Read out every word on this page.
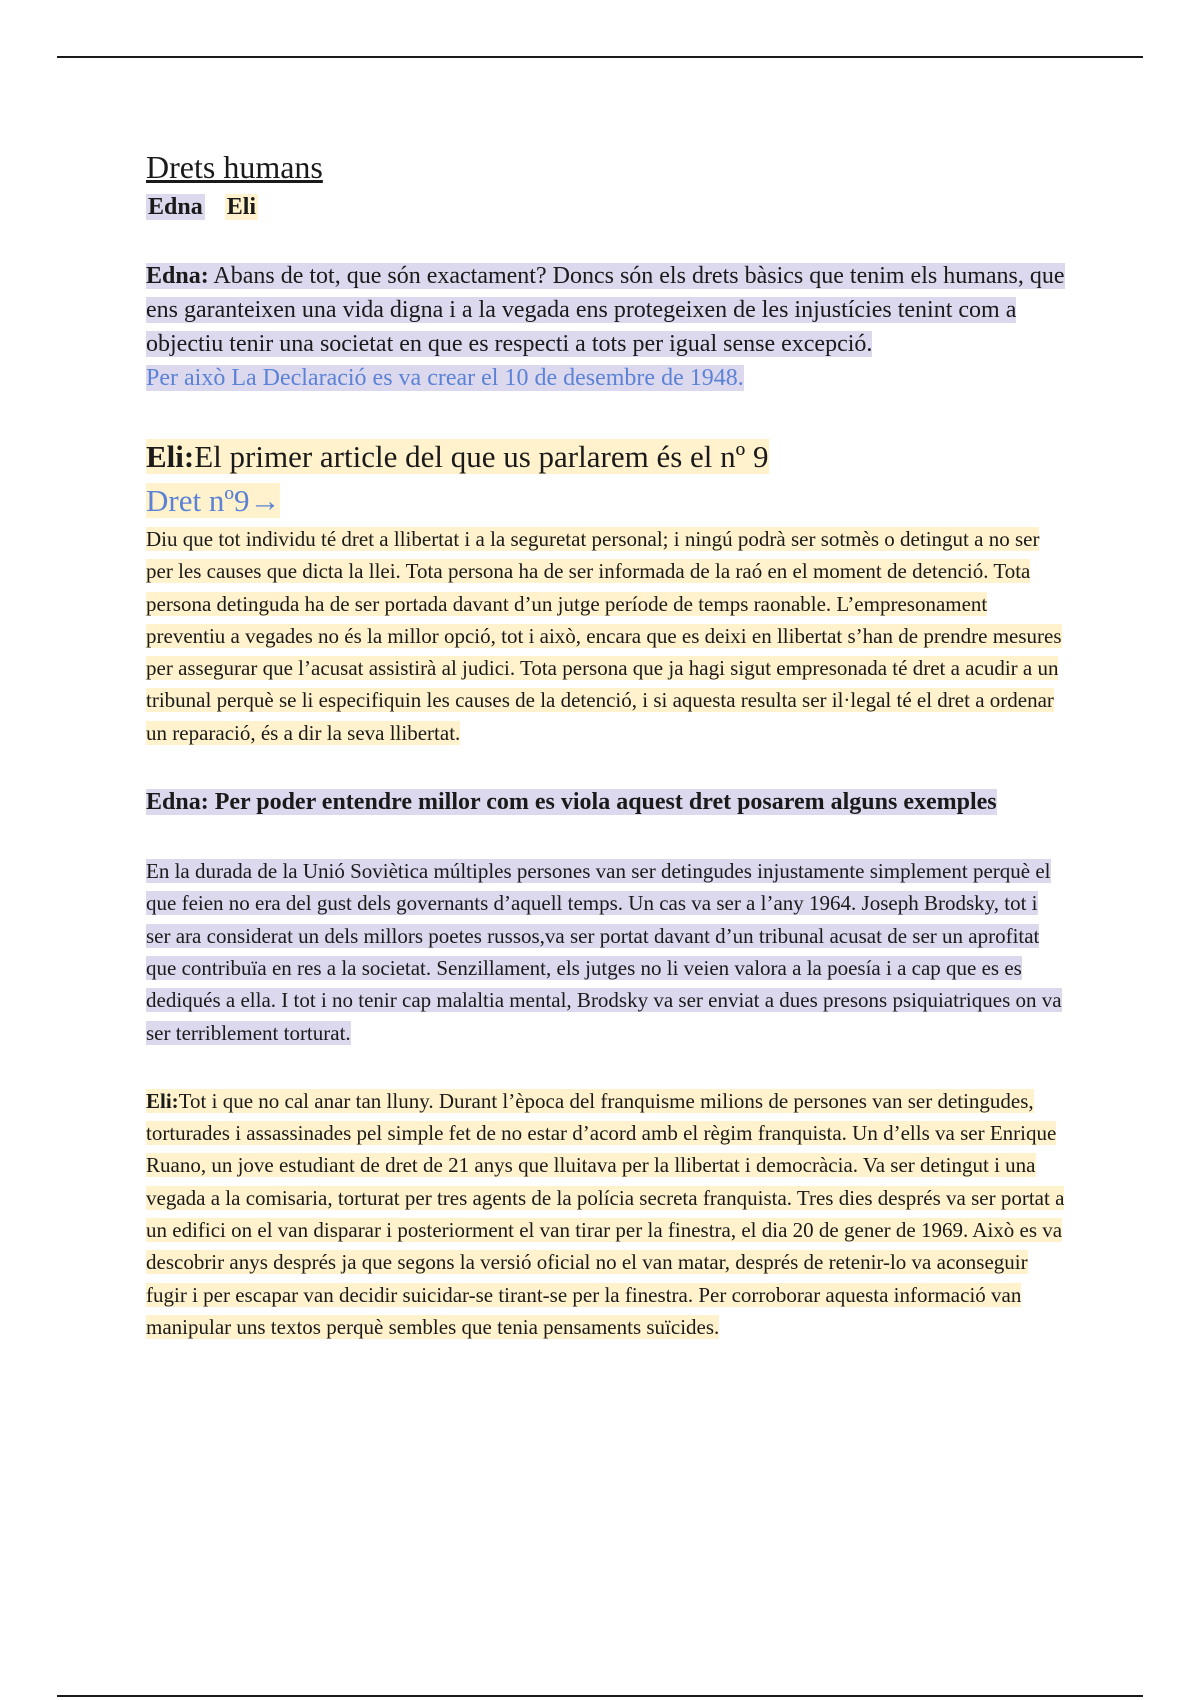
Drets humans
Edna Eli

Edna: Abans de tot, que són exactament? Doncs són els drets bàsics que tenim els humans, que ens garanteixen una vida digna i a la vegada ens protegeixen de les injustícies tenint com a objectiu tenir una societat en que es respecti a tots per igual sense excepció.
Per això La Declaració es va crear el 10 de desembre de 1948.

Eli:El primer article del que us parlarem és el nº 9

Dret nº9→

Diu que tot individu té dret a llibertat i a la seguretat personal; i ningú podrà ser sotmès o detingut a no ser per les causes que dicta la llei. Tota persona ha de ser informada de la raó en el moment de detenció. Tota persona detinguda ha de ser portada davant d’un jutge període de temps raonable. L’empresonament preventiu a vegades no és la millor opció, tot i això, encara que es deixi en llibertat s’han de prendre mesures per assegurar que l’acusat assistirà al judici. Tota persona que ja hagi sigut empresonada té dret a acudir a un tribunal perquè se li especifiquin les causes de la detenció, i si aquesta resulta ser il·legal té el dret a ordenar un reparació, és a dir la seva llibertat.

Edna: Per poder entendre millor com es viola aquest dret posarem alguns exemples

En la durada de la Unió Soviètica múltiples persones van ser detingudes injustamente simplement perquè el que feien no era del gust dels governants d’aquell temps. Un cas va ser a l’any 1964. Joseph Brodsky, tot i ser ara considerat un dels millors poetes russos,va ser portat davant d’un tribunal acusat de ser un aprofitat que contribuïa en res a la societat. Senzillament, els jutges no li veien valora a la poesía i a cap que es es dediqués a ella. I tot i no tenir cap malaltia mental, Brodsky va ser enviat a dues presons psiquiatriques on va ser terriblement torturat.

Eli:Tot i que no cal anar tan lluny. Durant l’època del franquisme milions de persones van ser detingudes, torturades i assassinades pel simple fet de no estar d’acord amb el règim franquista. Un d’ells va ser Enrique Ruano, un jove estudiant de dret de 21 anys que lluitava per la llibertat i democràcia. Va ser detingut i una vegada a la comisaria, torturat per tres agents de la polícia secreta franquista. Tres dies després va ser portat a un edifici on el van disparar i posteriorment el van tirar per la finestra, el dia 20 de gener de 1969. Això es va descobrir anys després ja que segons la versió oficial no el van matar, després de retenir-lo va aconseguir fugir i per escapar van decidir suicidar-se tirant-se per la finestra. Per corroborar aquesta informació van manipular uns textos perquè sembles que tenia pensaments suïcides.
